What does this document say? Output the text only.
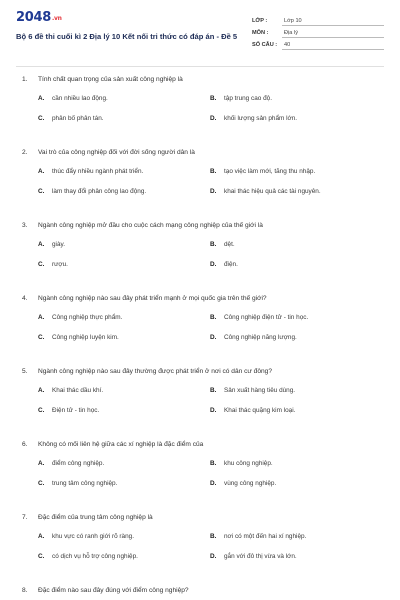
2048.vn
Bộ 6 đề thi cuối kì 2 Địa lý 10 Kết nối tri thức có đáp án - Đề 5
LỚP :	Lớp 10
MÔN :	Địa lý
SỐ CÂU :	40
1.	Tính chất quan trọng của sản xuất công nghiệp là
A.	cần nhiều lao động.	B.	tập trung cao độ.
C.	phân bố phân tán.	D.	khối lượng sản phẩm lớn.
2.	Vai trò của công nghiệp đối với đời sống người dân là
A.	thúc đẩy nhiều ngành phát triển.	B.	tạo việc làm mới, tăng thu nhập.
C.	làm thay đổi phân công lao động.	D.	khai thác hiệu quả các tài nguyên.
3.	Ngành công nghiệp mở đầu cho cuộc cách mạng công nghiệp của thế giới là
A.	giày.	B.	dệt.
C.	rượu.	D.	điện.
4.	Ngành công nghiệp nào sau đây phát triển mạnh ở mọi quốc gia trên thế giới?
A.	Công nghiệp thực phẩm.	B.	Công nghiệp điện tử - tin học.
C.	Công nghiệp luyện kim.	D.	Công nghiệp năng lượng.
5.	Ngành công nghiệp nào sau đây thường được phát triển ở nơi có dân cư đông?
A.	Khai thác dầu khí.	B.	Sản xuất hàng tiêu dùng.
C.	Điện tử - tin học.	D.	Khai thác quặng kim loại.
6.	Không có mối liên hệ giữa các xí nghiệp là đặc điểm của
A.	điểm công nghiệp.	B.	khu công nghiệp.
C.	trung tâm công nghiệp.	D.	vùng công nghiệp.
7.	Đặc điểm của trung tâm công nghiệp là
A.	khu vực có ranh giới rõ ràng.	B.	nơi có một đến hai xí nghiệp.
C.	có dịch vụ hỗ trợ công nghiệp.	D.	gắn với đô thị vừa và lớn.
8.	Đặc điểm nào sau đây đúng với điểm công nghiệp?
